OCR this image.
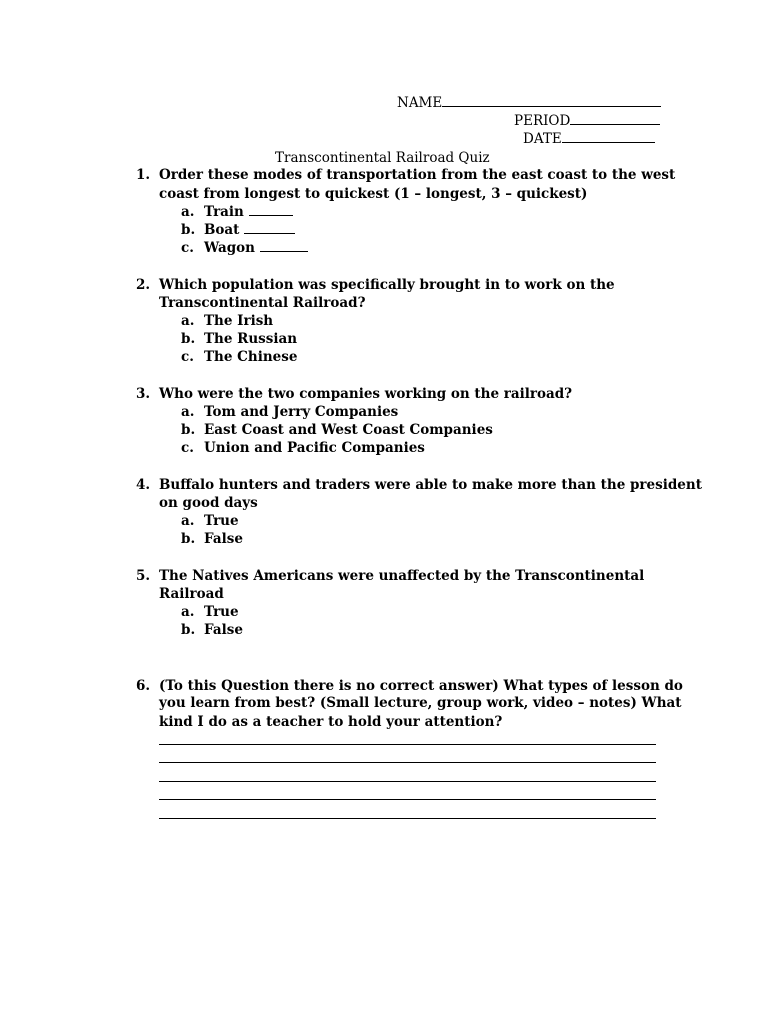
NAME
PERIOD
DATE
Transcontinental Railroad Quiz
1. Order these modes of transportation from the east coast to the west
coast from longest to quickest (1 – longest, 3 – quickest)
a. Train
b. Boat
c. Wagon
2. Which population was specifically brought in to work on the
Transcontinental Railroad?
a. The Irish
b. The Russian
c. The Chinese
3. Who were the two companies working on the railroad?
a. Tom and Jerry Companies
b. East Coast and West Coast Companies
c. Union and Pacific Companies
4. Buffalo hunters and traders were able to make more than the president
on good days
a. True
b. False
5. The Natives Americans were unaffected by the Transcontinental
Railroad
a. True
b. False
6. (To this Question there is no correct answer) What types of lesson do
you learn from best? (Small lecture, group work, video – notes) What
kind I do as a teacher to hold your attention?
